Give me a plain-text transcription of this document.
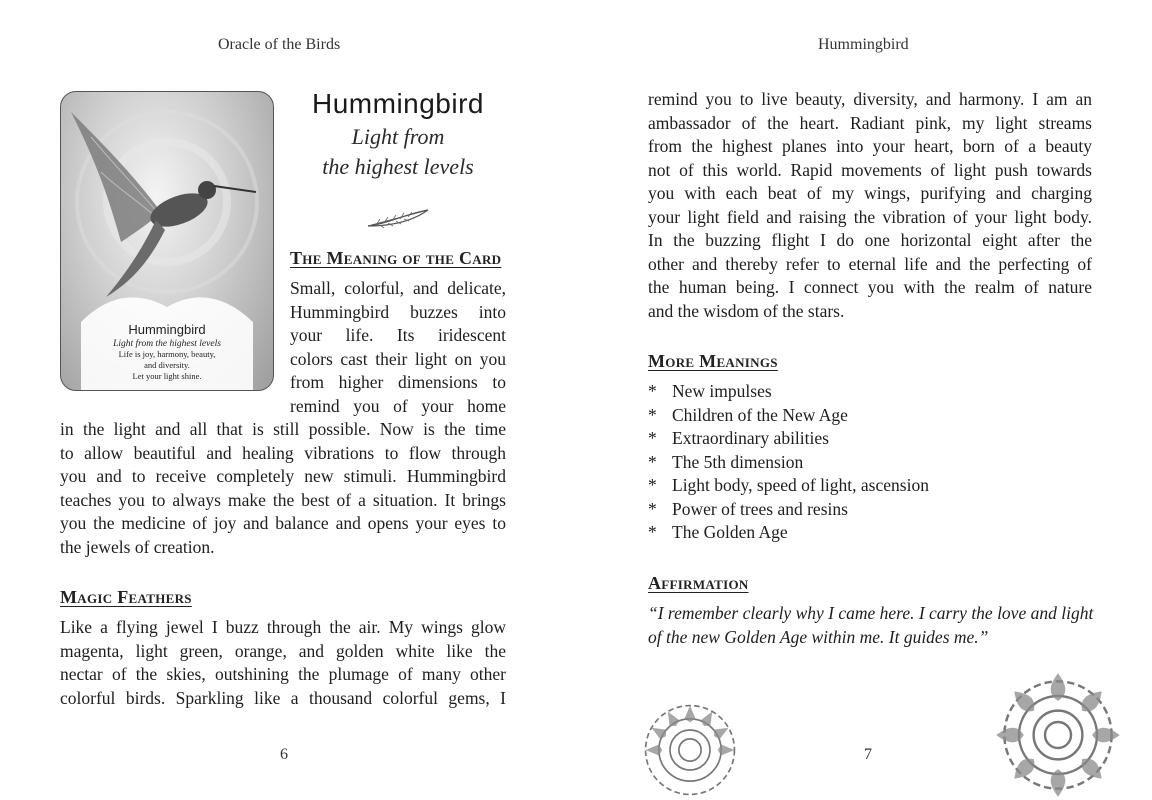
Oracle of the Birds
6
Hummingbird
Light from the highest levels
Life is joy, harmony, beauty,
and diversity.
Let your light shine.
Hummingbird
Light from
the highest levels
The Meaning of the Card
Small, colorful, and delicate,
Hummingbird buzzes into
your life. Its iridescent
colors cast their light on you
from higher dimensions to
remind you of your home
in the light and all that is still possible. Now is the time
to allow beautiful and healing vibrations to flow through
you and to receive completely new stimuli. Hummingbird
teaches you to always make the best of a situation. It brings
you the medicine of joy and balance and opens your eyes to
the jewels of creation.
Magic Feathers
Like a flying jewel I buzz through the air. My wings glow
magenta, light green, orange, and golden white like the
nectar of the skies, outshining the plumage of many other
colorful birds. Sparkling like a thousand colorful gems, I
Hummingbird
7
remind you to live beauty, diversity, and harmony. I am an
ambassador of the heart. Radiant pink, my light streams
from the highest planes into your heart, born of a beauty
not of this world. Rapid movements of light push towards
you with each beat of my wings, purifying and charging
your light field and raising the vibration of your light body.
In the buzzing flight I do one horizontal eight after the
other and thereby refer to eternal life and the perfecting of
the human being. I connect you with the realm of nature
and the wisdom of the stars.
More Meanings
* New impulses
* Children of the New Age
* Extraordinary abilities
* The 5th dimension
* Light body, speed of light, ascension
* Power of trees and resins
* The Golden Age
Affirmation
“I remember clearly why I came here. I carry the love and light
of the new Golden Age within me. It guides me.”
